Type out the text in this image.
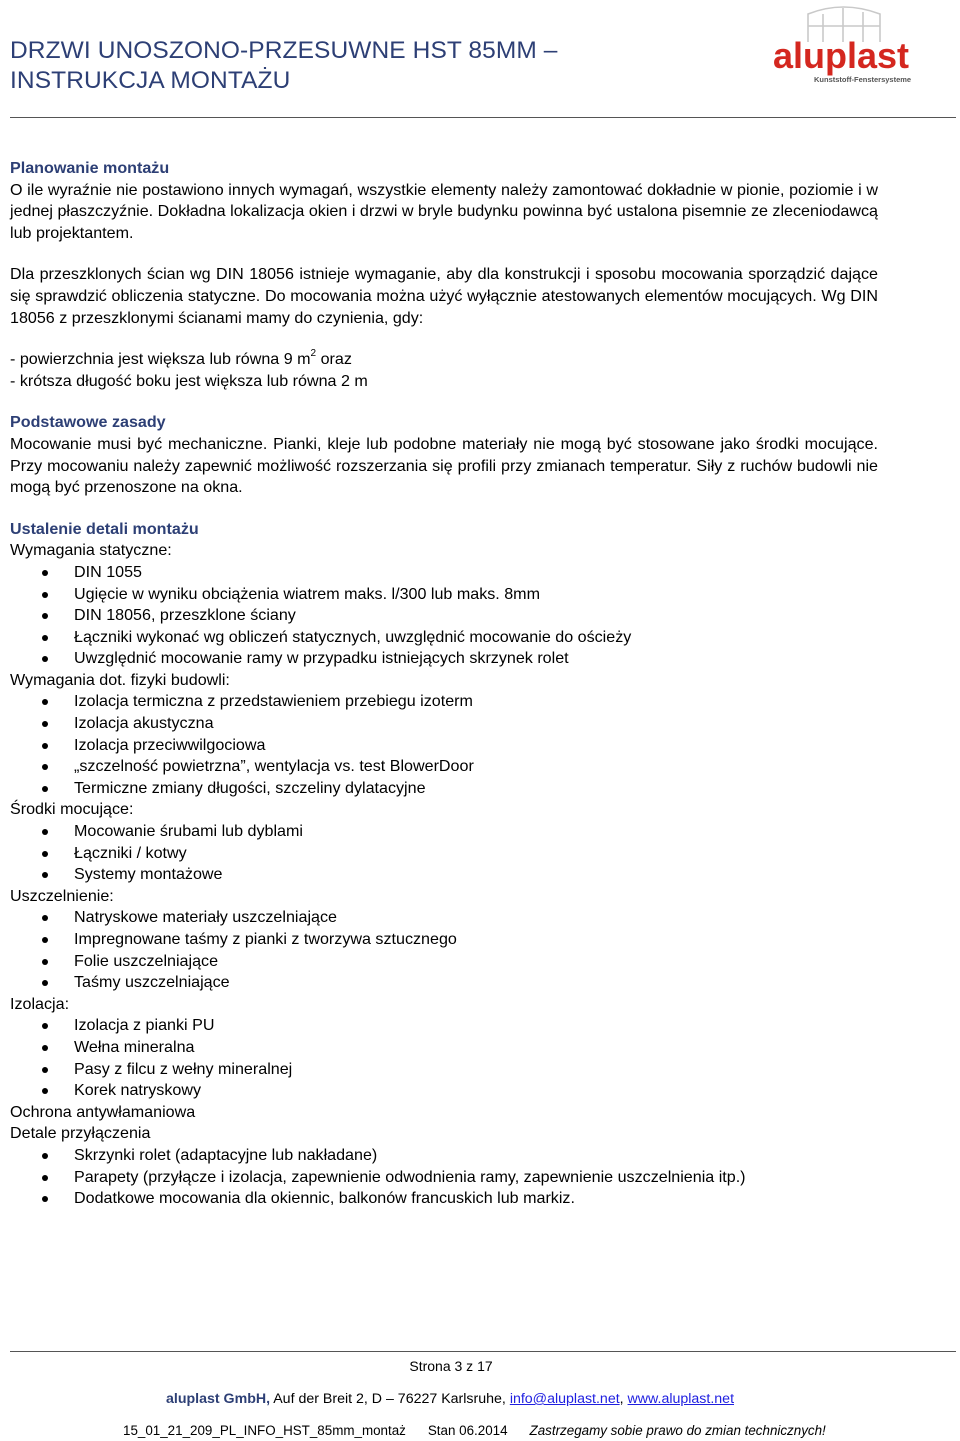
DRZWI UNOSZONO-PRZESUWNE HST 85MM –
INSTRUKCJA MONTAŻU
aluplast
Kunststoff-Fenstersysteme

Planowanie montażu

O ile wyraźnie nie postawiono innych wymagań, wszystkie elementy należy zamontować dokładnie w pionie, poziomie i w jednej płaszczyźnie. Dokładna lokalizacja okien i drzwi w bryle budynku powinna być ustalona pisemnie ze zleceniodawcą lub projektantem.

Dla przeszklonych ścian wg DIN 18056 istnieje wymaganie, aby dla konstrukcji i sposobu mocowania sporządzić dające się sprawdzić obliczenia statyczne. Do mocowania można użyć wyłącznie atestowanych elementów mocujących. Wg DIN 18056 z przeszklonymi ścianami mamy do czynienia, gdy:

- powierzchnia jest większa lub równa 9 $m^2$ oraz

- krótsza długość boku jest większa lub równa 2 m

Podstawowe zasady

Mocowanie musi być mechaniczne. Pianki, kleje lub podobne materiały nie mogą być stosowane jako środki mocujące. Przy mocowaniu należy zapewnić możliwość rozszerzania się profili przy zmianach temperatur. Siły z ruchów budowli nie mogą być przenoszone na okna.

Ustalenie detali montażu

Wymagania statyczne:

DIN 1055
Ugięcie w wyniku obciążenia wiatrem maks. l/300 lub maks. 8mm
DIN 18056, przeszklone ściany
Łączniki wykonać wg obliczeń statycznych, uwzględnić mocowanie do ościeży
Uwzględnić mocowanie ramy w przypadku istniejących skrzynek rolet

Wymagania dot. fizyki budowli:

Izolacja termiczna z przedstawieniem przebiegu izoterm
Izolacja akustyczna
Izolacja przeciwwilgociowa
„szczelność powietrzna”, wentylacja vs. test BlowerDoor
Termiczne zmiany długości, szczeliny dylatacyjne

Środki mocujące:

Mocowanie śrubami lub dyblami
Łączniki / kotwy
Systemy montażowe

Uszczelnienie:

Natryskowe materiały uszczelniające
Impregnowane taśmy z pianki z tworzywa sztucznego
Folie uszczelniające
Taśmy uszczelniające

Izolacja:

Izolacja z pianki PU
Wełna mineralna
Pasy z filcu z wełny mineralnej
Korek natryskowy

Ochrona antywłamaniowa

Detale przyłączenia

Skrzynki rolet (adaptacyjne lub nakładane)
Parapety (przyłącze i izolacja, zapewnienie odwodnienia ramy, zapewnienie uszczelnienia itp.)
Dodatkowe mocowania dla okiennic, balkonów francuskich lub markiz.
Strona 3 z 17
aluplast GmbH, Auf der Breit 2, D – 76227 Karlsruhe, info@aluplast.net, www.aluplast.net
15_01_21_209_PL_INFO_HST_85mm_montaż Stan 06.2014 Zastrzegamy sobie prawo do zmian technicznych!
